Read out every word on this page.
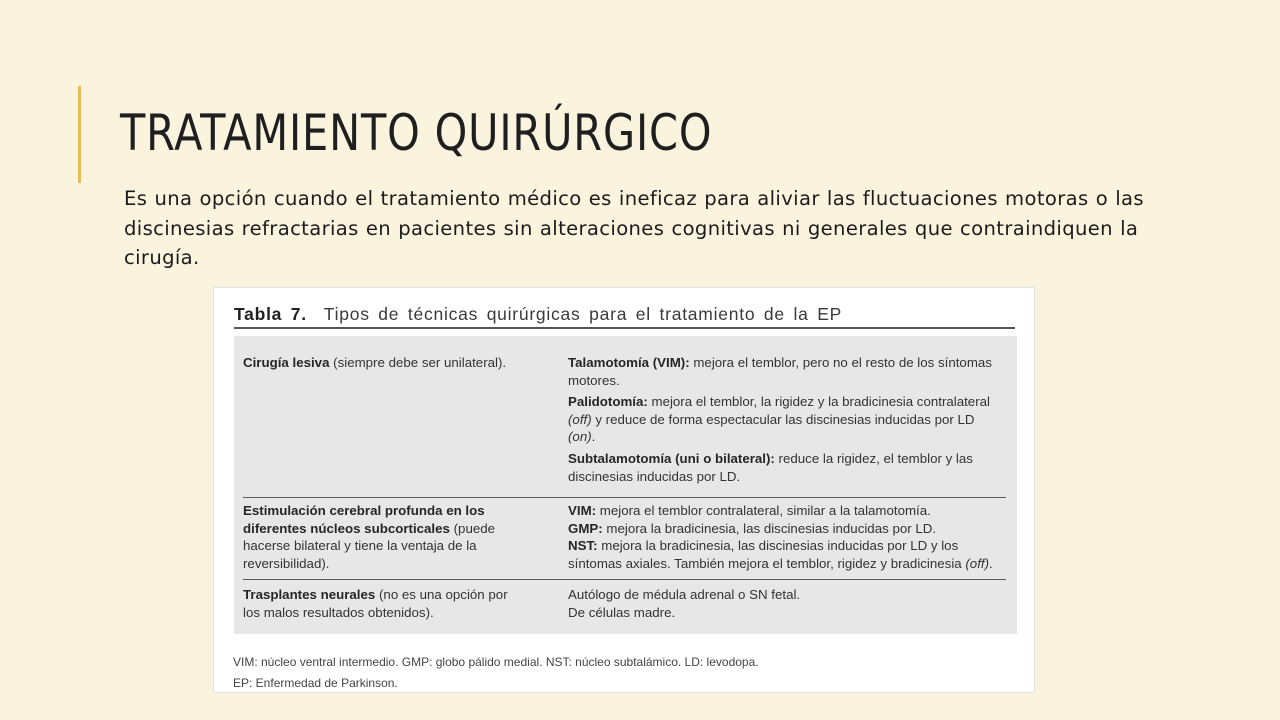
TRATAMIENTO QUIRÚRGICO

Es una opción cuando el tratamiento médico es ineficaz para aliviar las fluctuaciones motoras o las discinesias refractarias en pacientes sin alteraciones cognitivas ni generales que contraindiquen la cirugía.

Tabla 7. Tipos de técnicas quirúrgicas para el tratamiento de la EP
Cirugía lesiva (siempre debe ser unilateral).	Talamotomía (VIM): mejora el temblor, pero no el resto de los síntomas motores.
Palidotomía: mejora el temblor, la rigidez y la bradicinesia contralateral (off) y reduce de forma espectacular las discinesias inducidas por LD (on).
Subtalamotomía (uni o bilateral): reduce la rigidez, el temblor y las discinesias inducidas por LD.
Estimulación cerebral profunda en los diferentes núcleos subcorticales (puede hacerse bilateral y tiene la ventaja de la reversibilidad).
VIM: mejora el temblor contralateral, similar a la talamotomía.
GMP: mejora la bradicinesia, las discinesias inducidas por LD.
NST: mejora la bradicinesia, las discinesias inducidas por LD y los síntomas axiales. También mejora el temblor, rigidez y bradicinesia (off).
Trasplantes neurales (no es una opción por los malos resultados obtenidos).
Autólogo de médula adrenal o SN fetal.
De células madre.
VIM: núcleo ventral intermedio. GMP: globo pálido medial. NST: núcleo subtalámico. LD: levodopa.
EP: Enfermedad de Parkinson.
